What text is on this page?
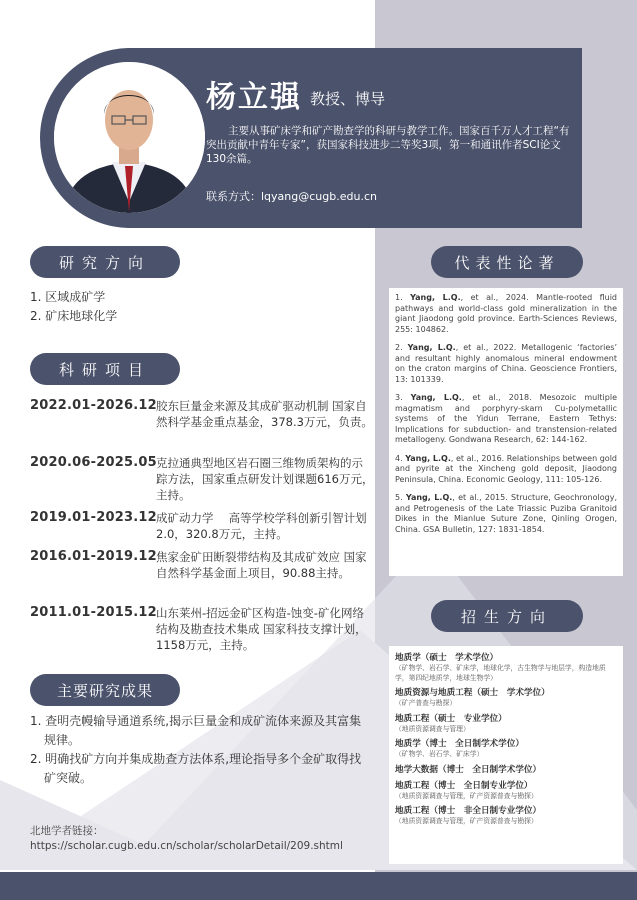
杨立强 教授、博导
主要从事矿床学和矿产勘查学的科研与教学工作。国家百千万人才工程“有突出贡献中青年专家”，获国家科技进步二等奖3项，第一和通讯作者SCI论文130余篇。
联系方式：lqyang@cugb.edu.cn
研究方向
1. 区域成矿学
2. 矿床地球化学
科研项目
2022.01-2026.12 胶东巨量金来源及其成矿驱动机制 国家自然科学基金重点基金，378.3万元，负责。
2020.06-2025.05 克拉通典型地区岩石圈三维物质架构的示踪方法，国家重点研发计划课题616万元，主持。
2019.01-2023.12 成矿动力学　 高等学校学科创新引智计划2.0，320.8万元，主持。
2016.01-2019.12 焦家金矿田断裂带结构及其成矿效应 国家自然科学基金面上项目，90.88主持。
2011.01-2015.12 山东莱州-招远金矿区构造-蚀变-矿化网络结构及勘查技术集成 国家科技支撑计划，1158万元，主持。
主要研究成果
1. 查明壳幔输导通道系统,揭示巨量金和成矿流体来源及其富集规律。
2. 明确找矿方向并集成勘查方法体系,理论指导多个金矿取得找矿突破。
北地学者链接：
https://scholar.cugb.edu.cn/scholar/scholarDetail/209.shtml
代表性论著
1. Yang, L.Q., et al., 2024. Mantle-rooted fluid pathways and world-class gold mineralization in the giant Jiaodong gold province. Earth-Sciences Reviews, 255: 104862.
2. Yang, L.Q., et al., 2022. Metallogenic ‘factories’ and resultant highly anomalous mineral endowment on the craton margins of China. Geoscience Frontiers, 13: 101339.
3. Yang, L.Q., et al., 2018. Mesozoic multiple magmatism and porphyry-skarn Cu-polymetallic systems of the Yidun Terrane, Eastern Tethys: Implications for subduction- and transtension-related metallogeny. Gondwana Research, 62: 144-162.
4. Yang, L.Q., et al., 2016. Relationships between gold and pyrite at the Xincheng gold deposit, Jiaodong Peninsula, China. Economic Geology, 111: 105-126.
5. Yang, L.Q., et al., 2015. Structure, Geochronology, and Petrogenesis of the Late Triassic Puziba Granitoid Dikes in the Mianlue Suture Zone, Qinling Orogen, China. GSA Bulletin, 127: 1831-1854.
招生方向
地质学（硕士　学术学位）
（矿物学、岩石学、矿床学，地球化学，古生物学与地层学，构造地质学，第四纪地质学，地球生物学）
地质资源与地质工程（硕士　学术学位）
（矿产普查与勘探）
地质工程（硕士　专业学位）
（地质资源调查与管理）
地质学（博士　全日制学术学位）
（矿物学、岩石学、矿床学）
地学大数据（博士　全日制学术学位）
地质工程（博士　全日制专业学位）
（地质资源调查与管理，矿产资源普查与勘探）
地质工程（博士　非全日制专业学位）
（地质资源调查与管理，矿产资源普查与勘探）
